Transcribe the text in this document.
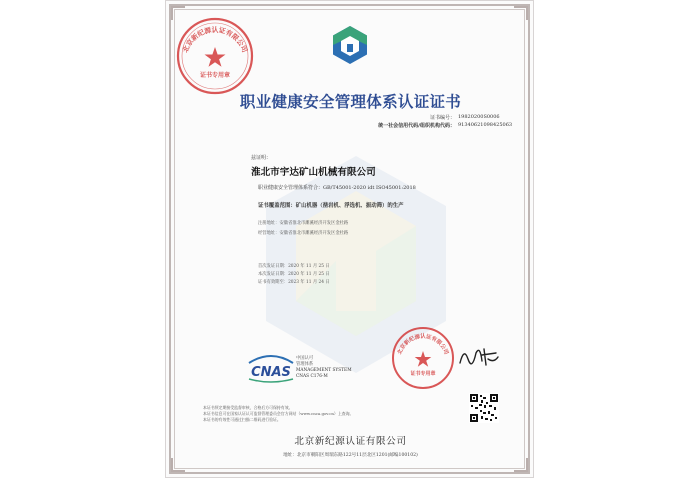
北京新纪源认证有限公司
证书专用章
职业健康安全管理体系认证证书
证书编号： 19820200S0006
统一社会信用代码/组织机构代码： 91340621098425063
兹证明：
淮北市宇达矿山机械有限公司
职业健康安全管理体系符合：GB/T45001-2020 idt ISO45001:2018
证书覆盖范围：矿山机器（凿岩机、浮选机、振动筛）的生产
注册地址：安徽省淮北市濉溪经济开发区金杜路
经营地址：安徽省淮北市濉溪经济开发区金杜路
首次发证日期：2020 年 11 月 25 日
本次发证日期：2020 年 11 月 25 日
证书有效期至：2023 年 11 月 24 日
CNAS
中国认可
管理体系
MANAGEMENT SYSTEM
CNAS C176-M
北京新纪源认证有限公司
证书专用章
本证书须定期接受监督审核，合格后方可保持有效。
本证书信息可在国家认证认可监督管理委员会官方网站（www.cnca.gov.cn）上查询。
本证书的有效性可通过扫描二维码进行验证。
北京新纪源认证有限公司
地址：北京市朝阳区周瑞东路122号11层北区1201(邮编100102)
